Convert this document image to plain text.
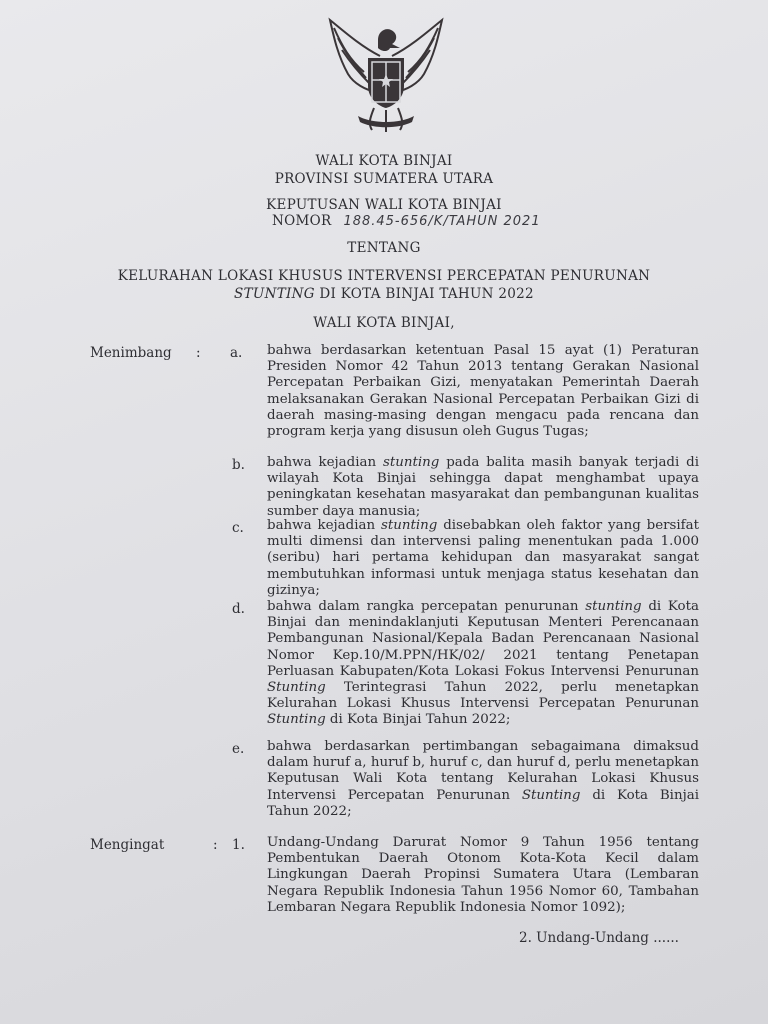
WALI KOTA BINJAI
PROVINSI SUMATERA UTARA
KEPUTUSAN WALI KOTA BINJAI
NOMOR 188.45-656/K/TAHUN 2021
TENTANG
KELURAHAN LOKASI KHUSUS INTERVENSI PERCEPATAN PENURUNAN
STUNTING DI KOTA BINJAI TAHUN 2022
WALI KOTA BINJAI,
Menimbang : a. bahwa berdasarkan ketentuan Pasal 15 ayat (1) Peraturan Presiden Nomor 42 Tahun 2013 tentang Gerakan Nasional Percepatan Perbaikan Gizi, menyatakan Pemerintah Daerah melaksanakan Gerakan Nasional Percepatan Perbaikan Gizi di daerah masing-masing dengan mengacu pada rencana dan program kerja yang disusun oleh Gugus Tugas;
b. bahwa kejadian stunting pada balita masih banyak terjadi di wilayah Kota Binjai sehingga dapat menghambat upaya peningkatan kesehatan masyarakat dan pembangunan kualitas sumber daya manusia;
c. bahwa kejadian stunting disebabkan oleh faktor yang bersifat multi dimensi dan intervensi paling menentukan pada 1.000 (seribu) hari pertama kehidupan dan masyarakat sangat membutuhkan informasi untuk menjaga status kesehatan dan gizinya;
d. bahwa dalam rangka percepatan penurunan stunting di Kota Binjai dan menindaklanjuti Keputusan Menteri Perencanaan Pembangunan Nasional/Kepala Badan Perencanaan Nasional Nomor Kep.10/M.PPN/HK/02/ 2021 tentang Penetapan Perluasan Kabupaten/Kota Lokasi Fokus Intervensi Penurunan Stunting Terintegrasi Tahun 2022, perlu menetapkan Kelurahan Lokasi Khusus Intervensi Percepatan Penurunan Stunting di Kota Binjai Tahun 2022;
e. bahwa berdasarkan pertimbangan sebagaimana dimaksud dalam huruf a, huruf b, huruf c, dan huruf d, perlu menetapkan Keputusan Wali Kota tentang Kelurahan Lokasi Khusus Intervensi Percepatan Penurunan Stunting di Kota Binjai Tahun 2022;
Mengingat	: 1. Undang-Undang Darurat Nomor 9 Tahun 1956 tentang Pembentukan Daerah Otonom Kota-Kota Kecil dalam Lingkungan Daerah Propinsi Sumatera Utara (Lembaran Negara Republik Indonesia Tahun 1956 Nomor 60, Tambahan Lembaran Negara Republik Indonesia Nomor 1092);
2. Undang-Undang ......
